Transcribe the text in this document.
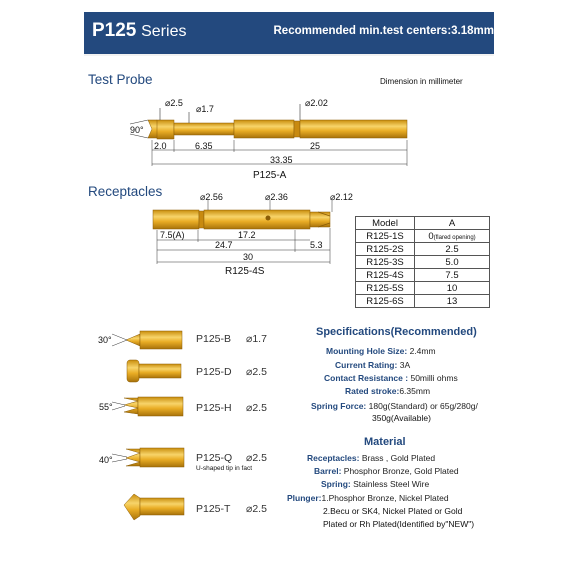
P125 Series	Recommended min.test centers:3.18mm
Test Probe	Dimension in millimeter
⌀2.5
⌀1.7
⌀2.02
90°
2.0	6.35	25
33.35
P125-A
Receptacles	⌀2.56	⌀2.36	⌀2.12
7.5(A)	17.2
24.7	5.3
30
R125-4S
Model	A
R125-1S	0(flared opening)
R125-2S	2.5
R125-3S	5.0
R125-4S	7.5
R125-5S	10
R125-6S	13
30°	P125-B ⌀1.7
P125-D ⌀2.5
55°	P125-H ⌀2.5
40°	P125-Q ⌀2.5
U-shaped tip in fact
P125-T ⌀2.5
Specifications(Recommended)
Mounting Hole Size: 2.4mm
Current Rating: 3A
Contact Resistance : 50milli ohms
Rated stroke:6.35mm
Spring Force: 180g(Standard) or 65g/280g/
350g(Available)
Material
Receptacles: Brass , Gold Plated
Barrel: Phosphor Bronze, Gold Plated
Spring: Stainless Steel Wire
Plunger:1.Phosphor Bronze, Nickel Plated
2.Becu or SK4, Nickel Plated or Gold
Plated or Rh Plated(Identified by"NEW")
